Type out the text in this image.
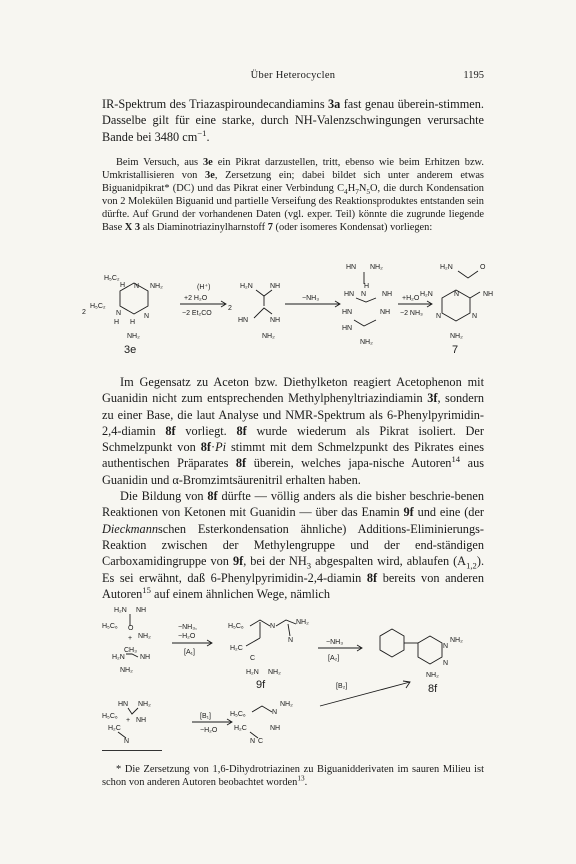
Über Heterocyclen	1195

IR-Spektrum des Triazaspiroundecandiamins 3a fast genau überein-stimmen. Dasselbe gilt für eine starke, durch NH-Valenzschwingungen verursachte Bande bei 3480 $cm^{-1}$.

Beim Versuch, aus 3e ein Pikrat darzustellen, tritt, ebenso wie beim Erhitzen bzw. Umkristallisieren von 3e, Zersetzung ein; dabei bildet sich unter anderem etwas Biguanidpikrat* (DC) und das Pikrat einer Verbindung $C_4H_7N_5O$, die durch Kondensation von 2 Molekülen Biguanid und partielle Verseifung des Reaktionsproduktes entstanden sein dürfte. Auf Grund der vorhandenen Daten (vgl. exper. Teil) könnte die zugrunde liegende Base X 3 als Diaminotriazinylharnstoff 7 (oder isomeres Kondensat) vorliegen:

2
H₅C₂
H
H₅C₂
N NH₂
N
H
N
H
NH₂
3e
(H⁺)
+2 H₂O
−2 Et₂CO
2
H₂N NH
HN	NH
NH₂
−NH₃
HN NH₂
HN
H
N NH
HN	NH
HN
NH₂
+H₂O
−2 NH₃
H₂N	O
H₂N	NH
N
N	N
NH₂
7

Im Gegensatz zu Aceton bzw. Diethylketon reagiert Acetophenon mit Guanidin nicht zum entsprechenden Methylphenyltriazindiamin 3f, sondern zu einer Base, die laut Analyse und NMR-Spektrum als 6-Phenylpyrimidin-2,4-diamin 8f vorliegt. 8f wurde wiederum als Pikrat isoliert. Der Schmelzpunkt von 8f·Pi stimmt mit dem Schmelzpunkt des Pikrates eines authentischen Präparates 8f überein, welches japa-nische Autoren$^{14}$ aus Guanidin und α-Bromzimtsäurenitril erhalten haben.

Die Bildung von 8f dürfte — völlig anders als die bisher beschrie-benen Reaktionen von Ketonen mit Guanidin — über das Enamin 9f und eine (der Dieckmannschen Esterkondensation ähnliche) Additions-Eliminierungs-Reaktion zwischen der Methylengruppe und der end-ständigen Carboxamidingruppe von 9f, bei der $NH_3$ abgespalten wird, ablaufen $(A_{1,2})$. Es sei erwähnt, daß 6-Phenylpyrimidin-2,4-diamin 8f bereits von anderen Autoren$^{15}$ auf einem ähnlichen Wege, nämlich

H₂N NH
H₅C₆ O
+ NH₂
CH₃
H₂N NH
NH₂
−NH₃,
−H₂O
[A₁]
H₅C₆	N
NH₂
N
H₂C
C
H₂N NH₂
9f
−NH₃
[A₂]
N
NH₂
N
NH₂
8f
[B₂]
HN NH₂
H₅C₆
+ NH
H₂C
N
[B₁]
−H₂O
H₅C₆	N
NH₂
H₂C	NH
N C
* Die Zersetzung von 1,6-Dihydrotriazinen zu Biguanidderivaten im sauren Milieu ist schon von anderen Autoren beobachtet worden$^{13}$.
